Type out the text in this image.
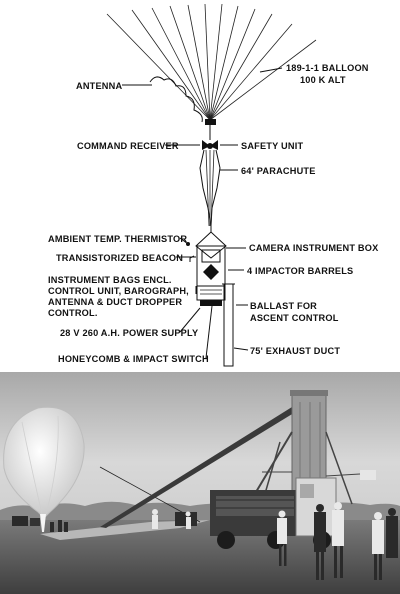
189-1-1 BALLOON
100 K ALT
ANTENNA
COMMAND RECEIVER	SAFETY UNIT
64' PARACHUTE
AMBIENT TEMP. THERMISTOR
CAMERA INSTRUMENT BOX
TRANSISTORIZED BEACON
4 IMPACTOR BARRELS
INSTRUMENT BAGS ENCL.
CONTROL UNIT, BAROGRAPH,
ANTENNA & DUCT DROPPER
CONTROL.
BALLAST FOR
ASCENT CONTROL
28 V 260 A.H. POWER SUPPLY
75' EXHAUST DUCT
HONEYCOMB & IMPACT SWITCH
